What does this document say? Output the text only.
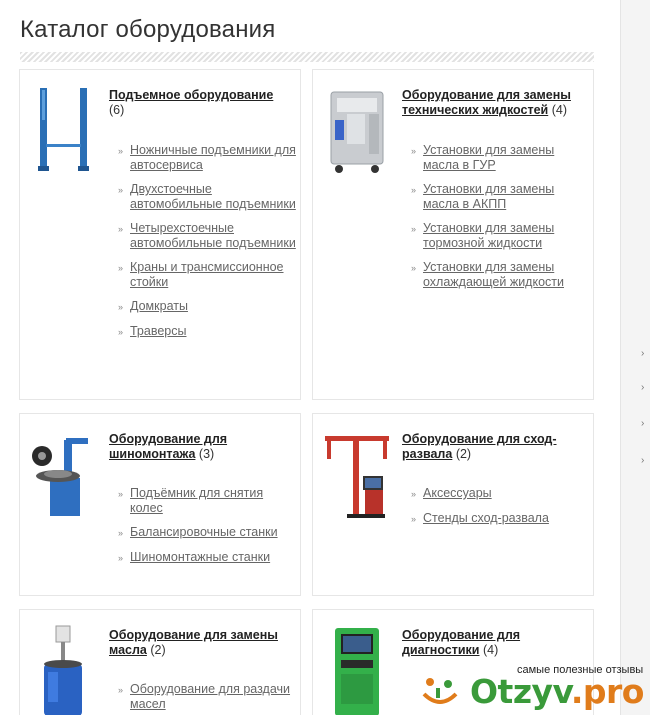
Каталог оборудования
Подъемное оборудование
(6)
» Ножничные подъемники для автосервиса
» Двухстоечные автомобильные подъемники
» Четырехстоечные автомобильные подъемники
» Краны и трансмиссионное стойки
» Домкраты
» Траверсы
Оборудование для замены технических жидкостей (4)
» Установки для замены масла в ГУР
» Установки для замены масла в АКПП
» Установки для замены тормозной жидкости
» Установки для замены охлаждающей жидкости
Оборудование для шиномонтажа (3)
» Подъёмник для снятия колес
» Балансировочные станки
» Шиномонтажные станки
Оборудование для сход-развала (2)
» Аксессуары
» Стенды сход-развала
Оборудование для замены масла (2)
» Оборудование для раздачи масел
Оборудование для диагностики (4)
›
›
›
›
самые полезные отзывы
Otzyv.pro
